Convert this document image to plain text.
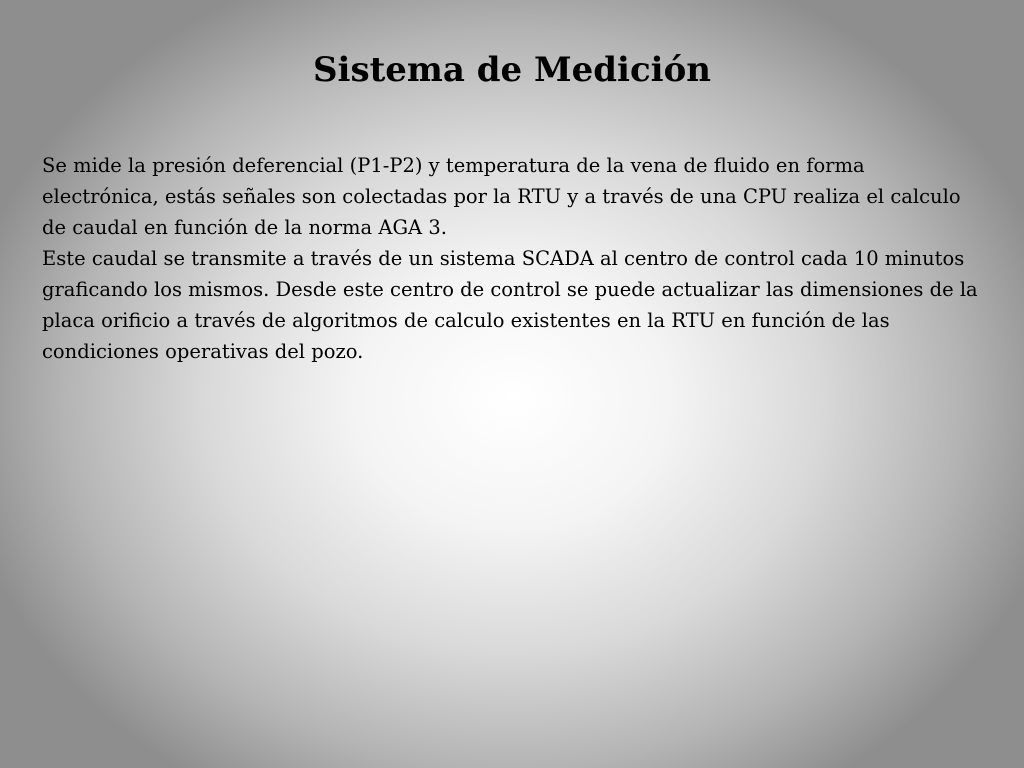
Sistema de Medición

Se mide la presión deferencial (P1-P2) y temperatura de la vena de fluido en forma electrónica, estás señales son colectadas por la RTU y a través de una CPU realiza el calculo de caudal en función de la norma AGA 3.

Este caudal se transmite a través de un sistema SCADA al centro de control cada 10 minutos graficando los mismos. Desde este centro de control se puede actualizar las dimensiones de la placa orificio a través de algoritmos de calculo existentes en la RTU en función de las condiciones operativas del pozo.
